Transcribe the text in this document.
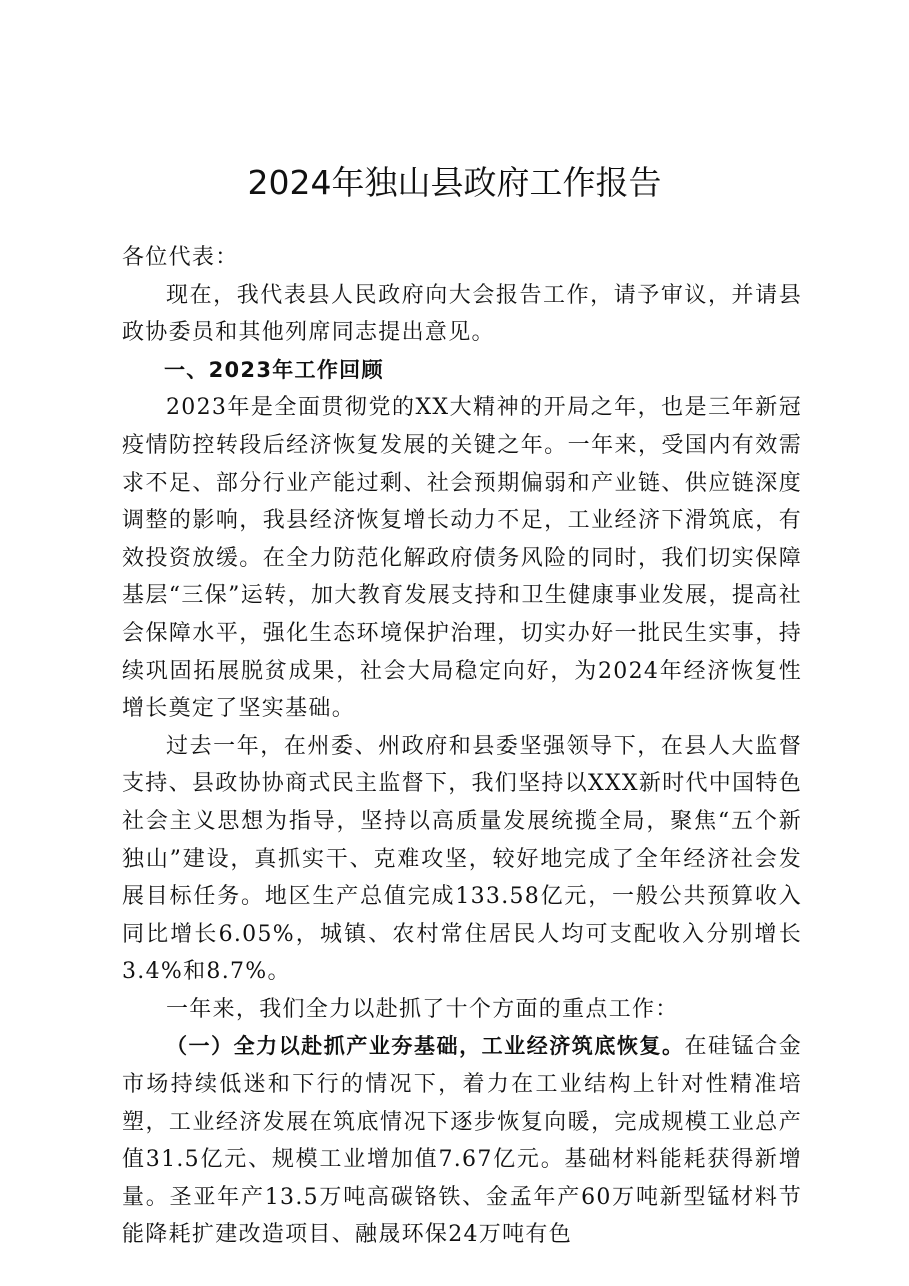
2024年独山县政府工作报告

各位代表：

现在，我代表县人民政府向大会报告工作，请予审议，并请县政协委员和其他列席同志提出意见。

一、2023年工作回顾

2023年是全面贯彻党的XX大精神的开局之年，也是三年新冠疫情防控转段后经济恢复发展的关键之年。一年来，受国内有效需求不足、部分行业产能过剩、社会预期偏弱和产业链、供应链深度调整的影响，我县经济恢复增长动力不足，工业经济下滑筑底，有效投资放缓。在全力防范化解政府债务风险的同时，我们切实保障基层“三保”运转，加大教育发展支持和卫生健康事业发展，提高社会保障水平，强化生态环境保护治理，切实办好一批民生实事，持续巩固拓展脱贫成果，社会大局稳定向好，为2024年经济恢复性增长奠定了坚实基础。

过去一年，在州委、州政府和县委坚强领导下，在县人大监督支持、县政协协商式民主监督下，我们坚持以XXX新时代中国特色社会主义思想为指导，坚持以高质量发展统揽全局，聚焦“五个新独山”建设，真抓实干、克难攻坚，较好地完成了全年经济社会发展目标任务。地区生产总值完成133.58亿元，一般公共预算收入同比增长6.05%，城镇、农村常住居民人均可支配收入分别增长3.4%和8.7%。

一年来，我们全力以赴抓了十个方面的重点工作：

（一）全力以赴抓产业夯基础，工业经济筑底恢复。在硅锰合金市场持续低迷和下行的情况下，着力在工业结构上针对性精准培塑，工业经济发展在筑底情况下逐步恢复向暖，完成规模工业总产值31.5亿元、规模工业增加值7.67亿元。基础材料能耗获得新增量。圣亚年产13.5万吨高碳铬铁、金孟年产60万吨新型锰材料节能降耗扩建改造项目、融晟环保24万吨有色
